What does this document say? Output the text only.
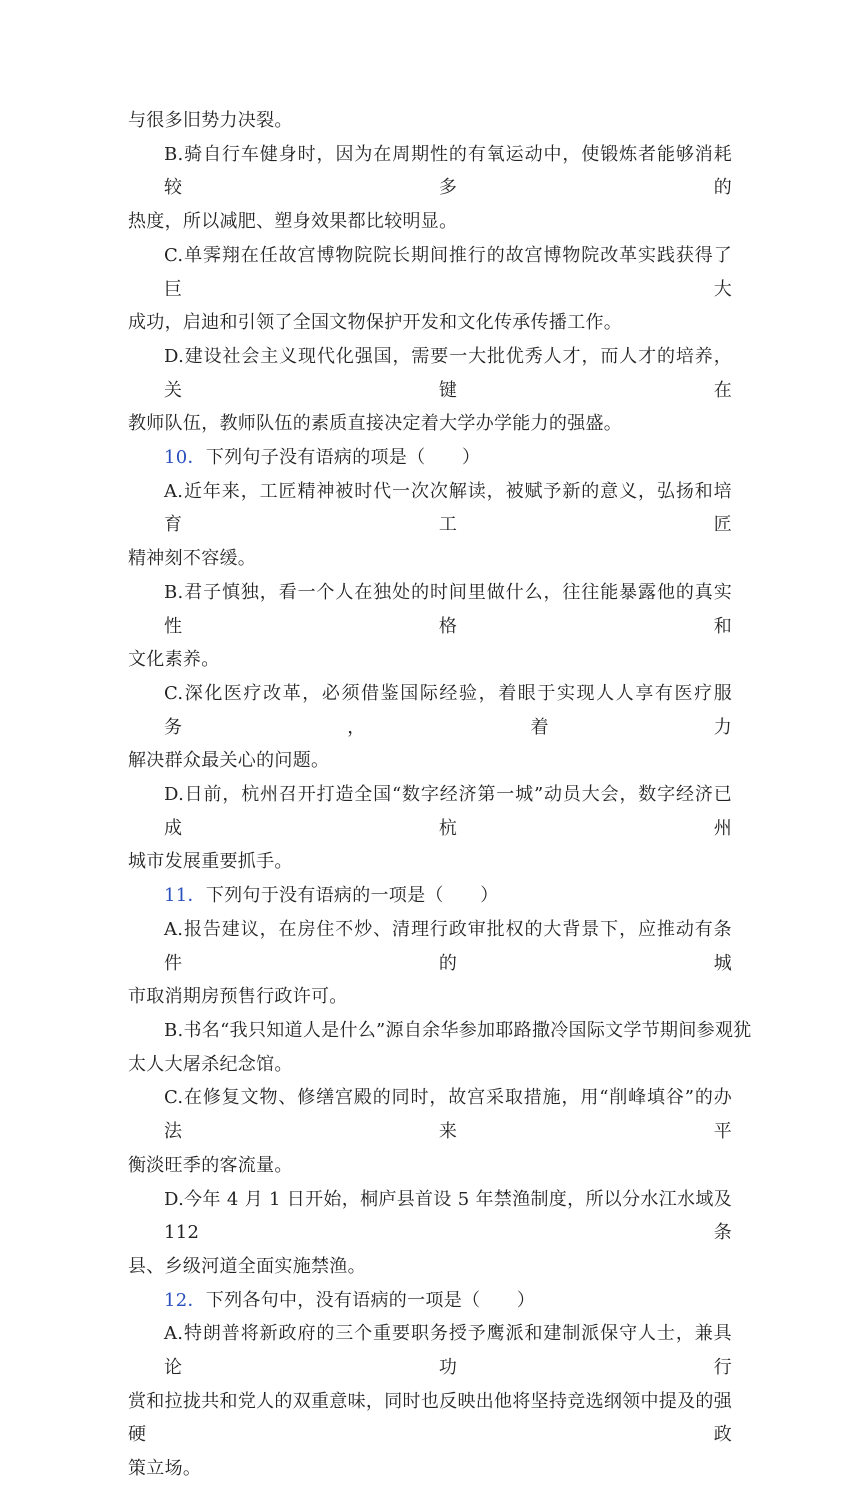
与很多旧势力决裂。
B.骑自行车健身时，因为在周期性的有氧运动中，使锻炼者能够消耗较多的
热度，所以减肥、塑身效果都比较明显。
C.单霁翔在任故宫博物院院长期间推行的故宫博物院改革实践获得了巨大
成功，启迪和引领了全国文物保护开发和文化传承传播工作。
D.建设社会主义现代化强国，需要一大批优秀人才，而人才的培养，关键在
教师队伍，教师队伍的素质直接决定着大学办学能力的强盛。
10．下列句子没有语病的项是（　　）
A.近年来，工匠精神被时代一次次解读，被赋予新的意义，弘扬和培育工匠
精神刻不容缓。
B.君子慎独，看一个人在独处的时间里做什么，往往能暴露他的真实性格和
文化素养。
C.深化医疗改革，必须借鉴国际经验，着眼于实现人人享有医疗服务，着力
解决群众最关心的问题。
D.日前，杭州召开打造全国“数字经济第一城”动员大会，数字经济已成杭州
城市发展重要抓手。
11．下列句于没有语病的一项是（　　）
A.报告建议，在房住不炒、清理行政审批权的大背景下，应推动有条件的城
市取消期房预售行政许可。
B.书名“我只知道人是什么”源自余华参加耶路撒冷国际文学节期间参观犹
太人大屠杀纪念馆。
C.在修复文物、修缮宫殿的同时，故宫采取措施，用“削峰填谷”的办法来平
衡淡旺季的客流量。
D.今年 4 月 1 日开始，桐庐县首设 5 年禁渔制度，所以分水江水域及 112 条
县、乡级河道全面实施禁渔。
12．下列各句中，没有语病的一项是（　　）
A.特朗普将新政府的三个重要职务授予鹰派和建制派保守人士，兼具论功行
赏和拉拢共和党人的双重意味，同时也反映出他将坚持竞选纲领中提及的强硬政
策立场。
